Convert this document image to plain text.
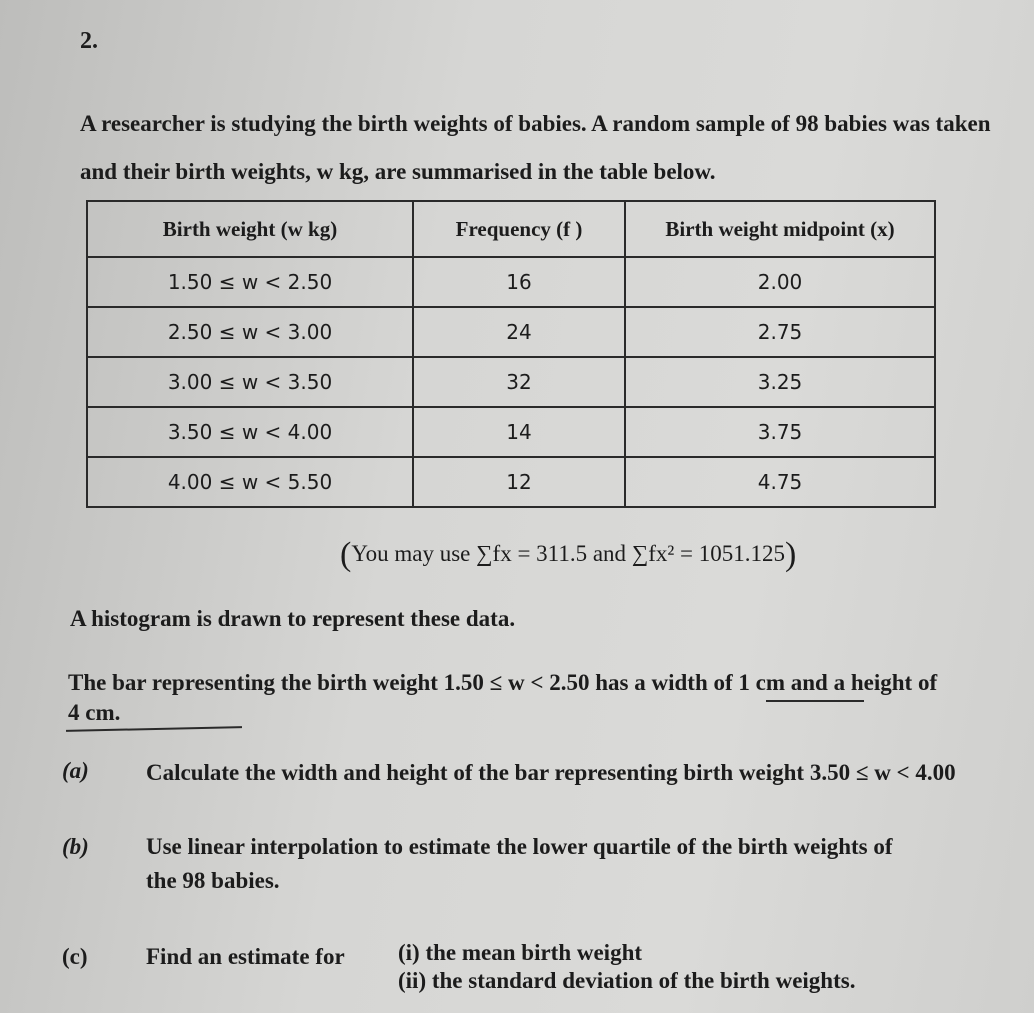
2.
A researcher is studying the birth weights of babies. A random sample of 98 babies was taken and their birth weights, w kg, are summarised in the table below.
Birth weight (w kg)	Frequency (f )	Birth weight midpoint (x)
1.50 ≤ w < 2.50	16	2.00
2.50 ≤ w < 3.00	24	2.75
3.00 ≤ w < 3.50	32	3.25
3.50 ≤ w < 4.00	14	3.75
4.00 ≤ w < 5.50	12	4.75
(You may use ∑fx = 311.5 and ∑fx² = 1051.125)
A histogram is drawn to represent these data.
The bar representing the birth weight 1.50 ≤ w < 2.50 has a width of 1 cm and a height of 4 cm.
(a) Calculate the width and height of the bar representing birth weight 3.50 ≤ w < 4.00
(b) Use linear interpolation to estimate the lower quartile of the birth weights of
the 98 babies.
(c)	Find an estimate for (i) the mean birth weight
(ii) the standard deviation of the birth weights.
